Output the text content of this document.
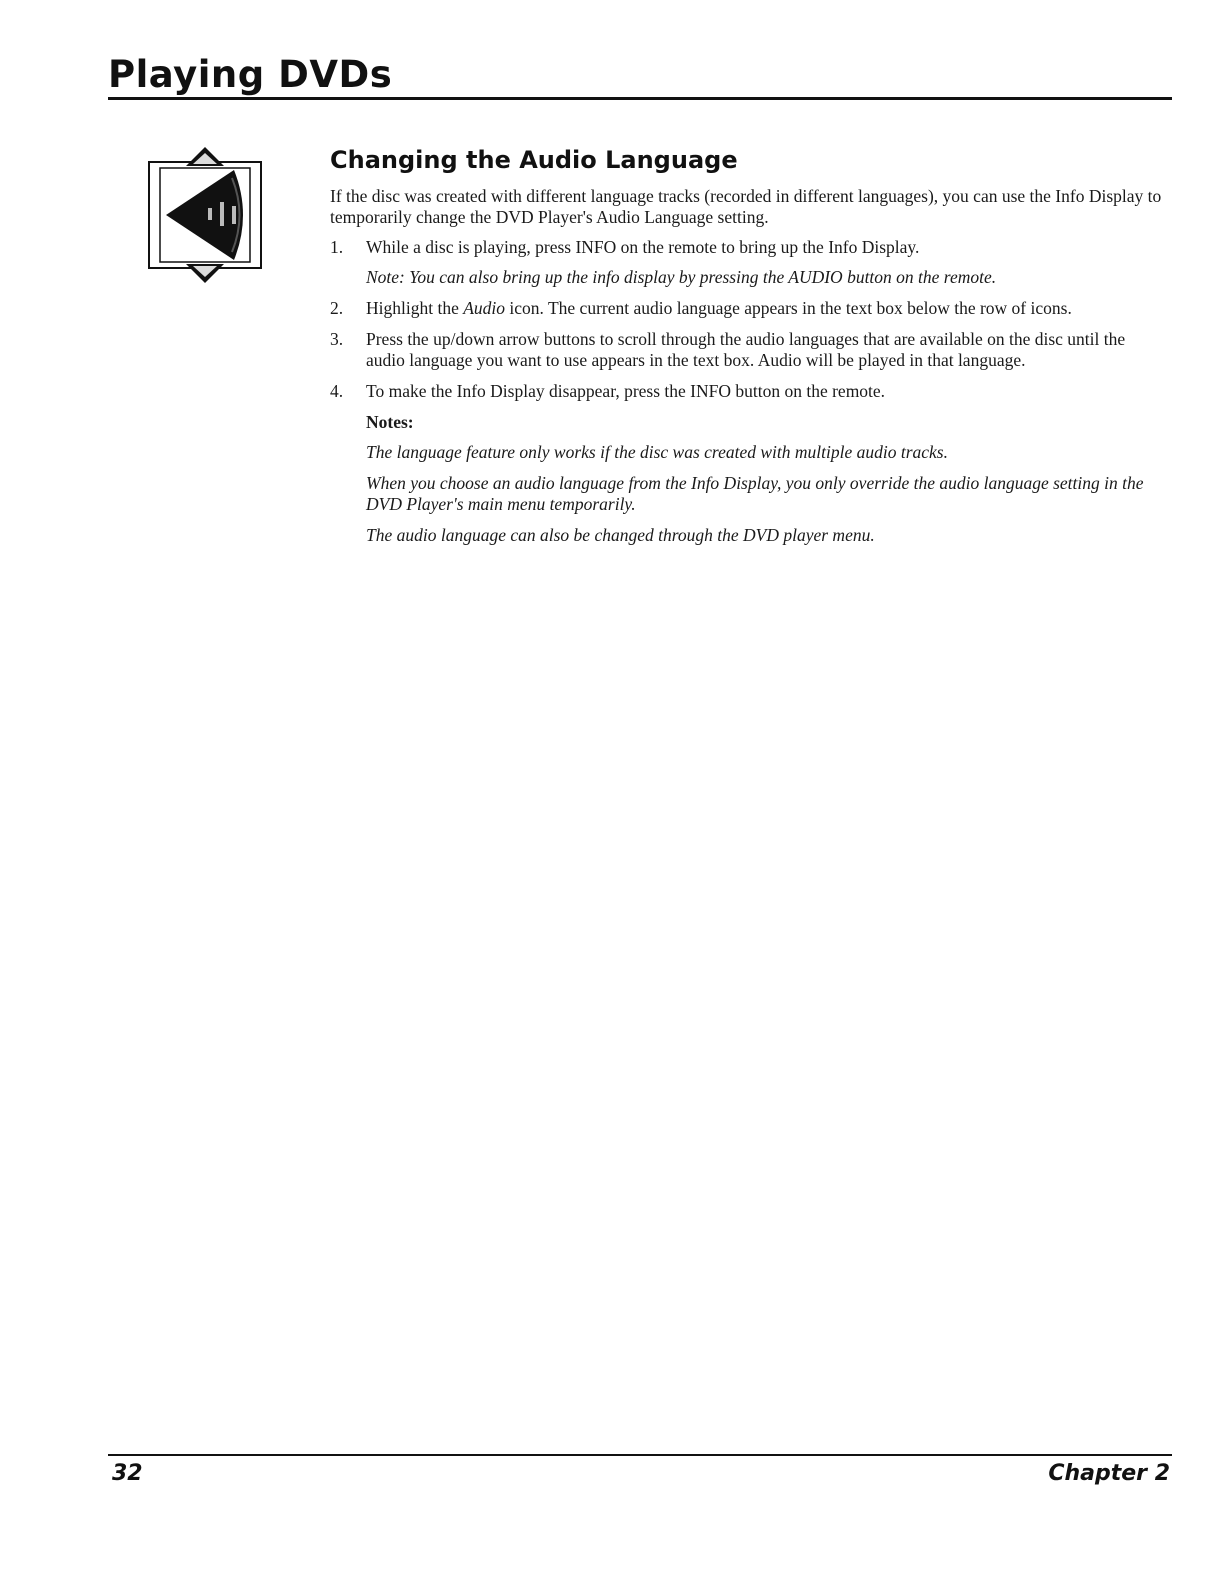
Playing DVDs
Changing the Audio Language

If the disc was created with different language tracks (recorded in different languages), you can use the Info Display to temporarily change the DVD Player's Audio Language setting.

1. While a disc is playing, press INFO on the remote to bring up the Info Display.

Note: You can also bring up the info display by pressing the AUDIO button on the remote.

2. Highlight the Audio icon. The current audio language appears in the text box below the row of icons.
3. Press the up/down arrow buttons to scroll through the audio languages that are available on the disc until the audio language you want to use appears in the text box. Audio will be played in that language.
4. To make the Info Display disappear, press the INFO button on the remote.

Notes:

The language feature only works if the disc was created with multiple audio tracks.

When you choose an audio language from the Info Display, you only override the audio language setting in the DVD Player's main menu temporarily.

The audio language can also be changed through the DVD player menu.

32	Chapter 2
